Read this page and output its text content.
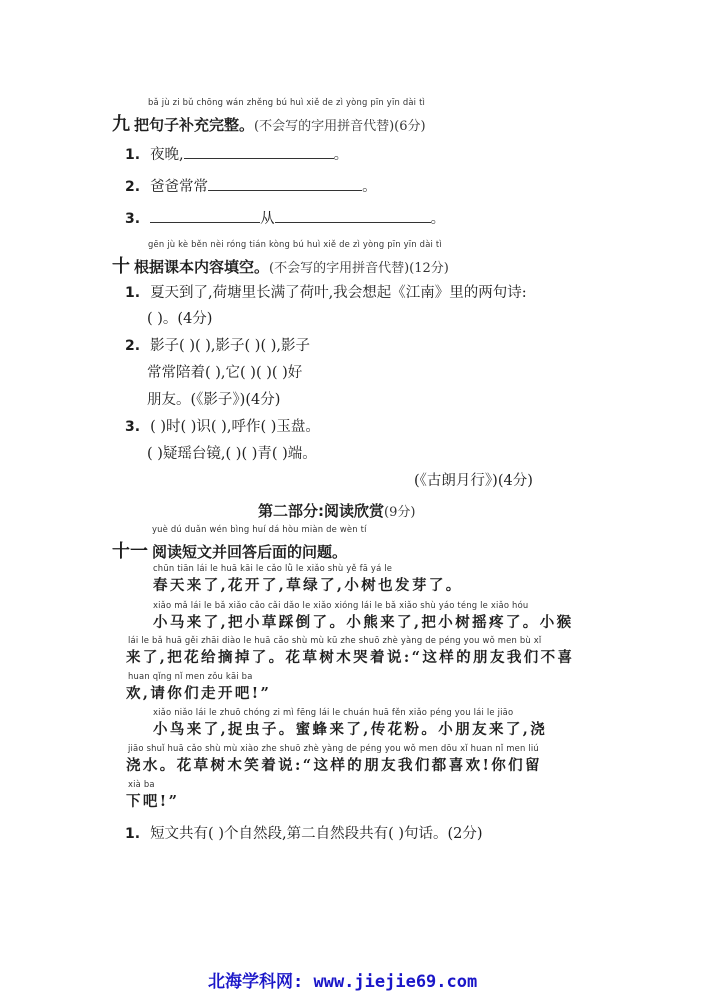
bǎ jù zi bǔ chōng wán zhěng bú huì xiě de zì yòng pīn yīn dài tì
九 把句子补充完整。(不会写的字用拼音代替)(6分)
1. 夜晚,	。
2. 爸爸常常	。
3.	从	。
gēn jù kè běn nèi róng tián kòng bú huì xiě de zì yòng pīn yīn dài tì
十 根据课本内容填空。(不会写的字用拼音代替)(12分)
1. 夏天到了,荷塘里长满了荷叶,我会想起《江南》里的两句诗:
( )。(4分)
2. 影子( )( ),影子( )( ),影子
常常陪着( ),它( )( )( )好
朋友。(《影子》)(4分)
3. ( )时( )识( ),呼作( )玉盘。
( )疑瑶台镜,( )( )青( )端。
(《古朗月行》)(4分)
第二部分:阅读欣赏(9分)
yuè dú duǎn wén bìng huí dá hòu miàn de wèn tí
十一 阅读短文并回答后面的问题。
chūn tiān lái le huā kāi le cǎo lǜ le xiǎo shù yě fā yá le
春天来了,花开了,草绿了,小树也发芽了。
xiǎo mǎ lái le bǎ xiǎo cǎo cǎi dǎo le xiǎo xióng lái le bǎ xiǎo shù yáo téng le xiǎo hóu
小马来了,把小草踩倒了。小熊来了,把小树摇疼了。小猴
lái le bǎ huā gěi zhāi diào le huā cǎo shù mù kū zhe shuō zhè yàng de péng you wǒ men bù xǐ
来了,把花给摘掉了。花草树木哭着说:“这样的朋友我们不喜
huan qǐng nǐ men zǒu kāi ba
欢,请你们走开吧!”
xiǎo niǎo lái le zhuō chóng zi mì fēng lái le chuán huā fěn xiǎo péng you lái le jiāo
小鸟来了,捉虫子。蜜蜂来了,传花粉。小朋友来了,浇
jiāo shuǐ huā cǎo shù mù xiào zhe shuō zhè yàng de péng you wǒ men dōu xǐ huan nǐ men liú
浇水。花草树木笑着说:“这样的朋友我们都喜欢!你们留
xià ba
下吧!”
1. 短文共有( )个自然段,第二自然段共有( )句话。(2分)
北海学科网: www.jiejie69.com
